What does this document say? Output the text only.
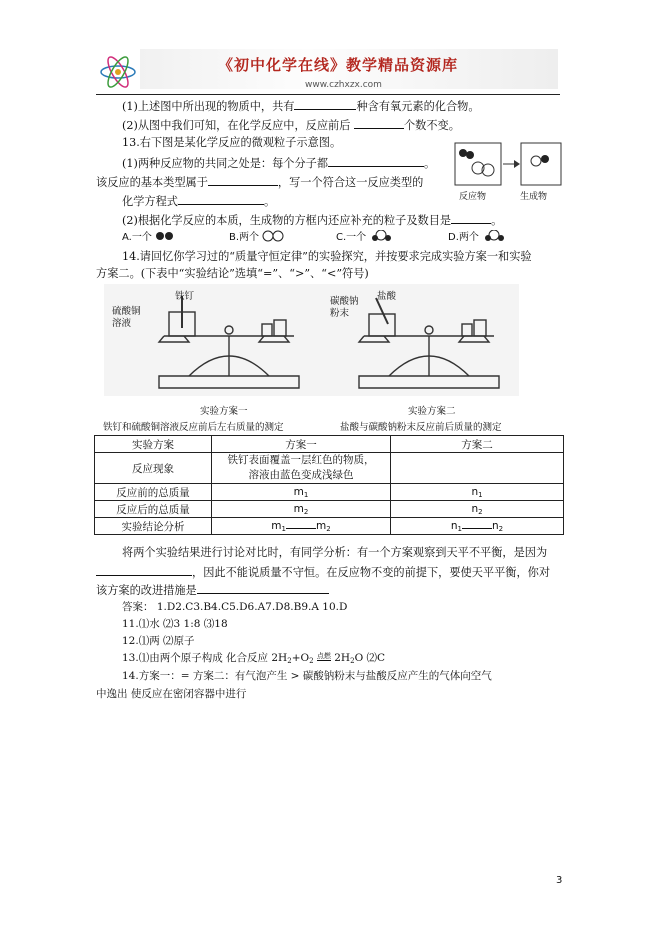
《初中化学在线》教学精品资源库
www.czhxzx.com
(1)上述图中所出现的物质中，共有	种含有氧元素的化合物。
(2)从图中我们可知，在化学反应中，反应前后	个数不变。
13.右下图是某化学反应的微观粒子示意图。
(1)两种反应物的共同之处是：每个分子都	。
该反应的基本类型属于	，写一个符合这一反应类型的
化学方程式	。
(2)根据化学反应的本质，生成物的方框内还应补充的粒子及数目是	。
反应物	生成物
A.一个	B.两个	C.一个	D.两个
14.请回忆你学习过的“质量守恒定律”的实验探究，并按要求完成实验方案一和实验
方案二。(下表中“实验结论”选填“=”、“>”、“<”符号)
铁钉
硫酸铜溶液
盐酸
碳酸钠粉末
实验方案一	实验方案二
铁钉和硫酸铜溶液反应前后左右质量的测定	盐酸与碳酸钠粉末反应前后质量的测定
实验方案	方案一	方案二
反应现象	铁钉表面覆盖一层红色的物质，
溶液由蓝色变成浅绿色	

反应前的总质量	$m_1$	$n_1$
反应后的总质量	$m_2$	$n_2$
实验结论分析	$m_1$ $m_2$	$n_1$ $n_2$
将两个实验结果进行讨论对比时，有同学分析：有一个方案观察到天平不平衡，是因为
，因此不能说质量不守恒。在反应物不变的前提下，要使天平平衡，你对
该方案的改进措施是
答案： 1.D2.C3.B4.C5.D6.A7.D8.B9.A 10.D
11.⑴水 ⑵3 1:8 ⑶18
12.⑴两 ⑵原子
13.⑴由两个原子构成 化合反应 $2H_2+O_2$ 点燃 $2H_2O$ ⑵C
14.方案一：= 方案二：有气泡产生 > 碳酸钠粉末与盐酸反应产生的气体向空气
中逸出 使反应在密闭容器中进行
3
